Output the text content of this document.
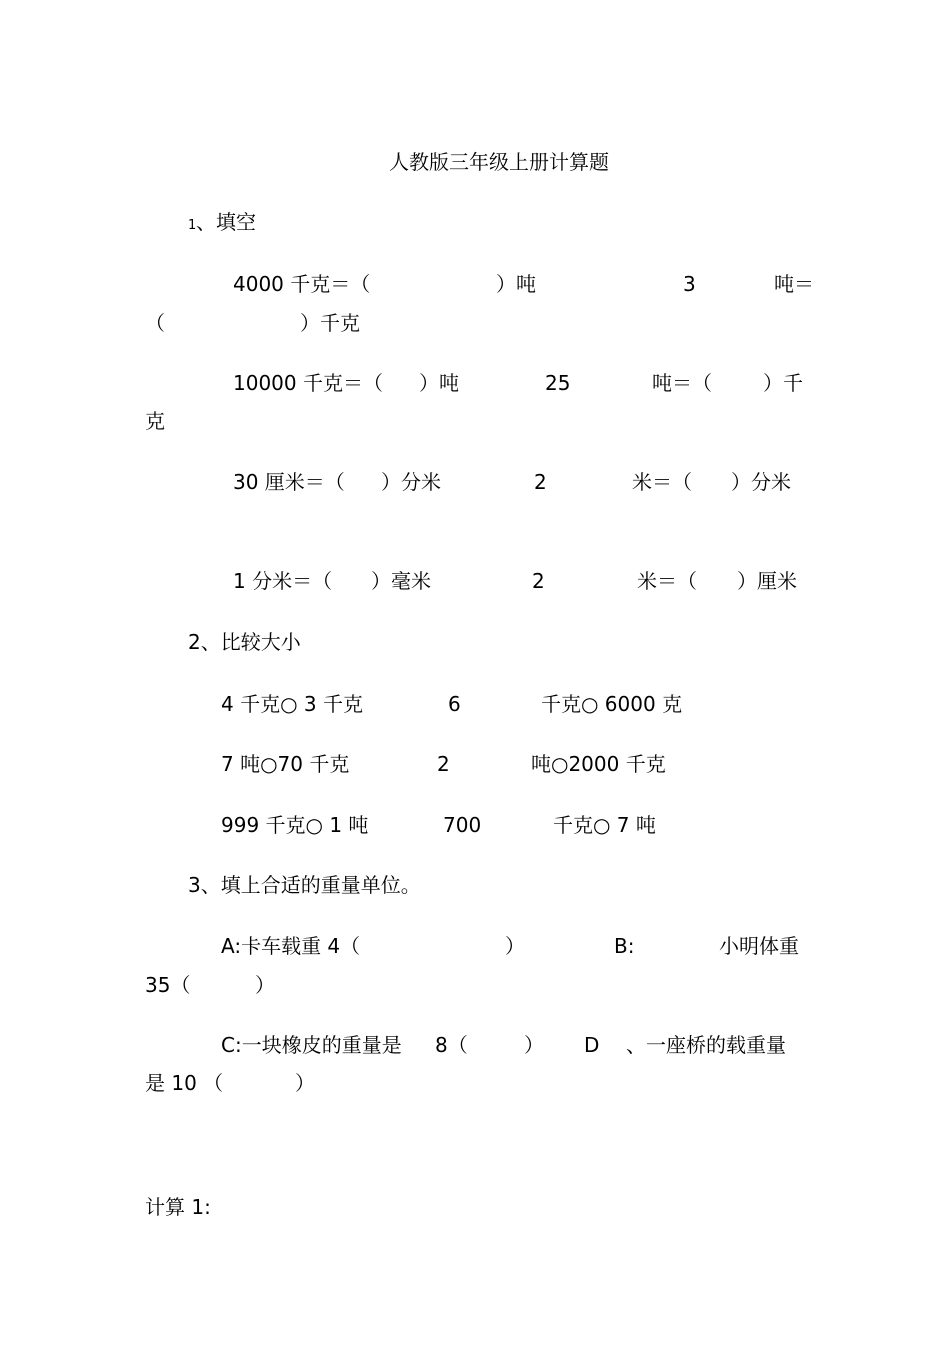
人教版三年级上册计算题
1 、填空
4000 千克＝（	）吨	3	吨＝
（	）千克
10000 千克＝（ ）吨	25	吨＝（	）千
克
30 厘米＝（ ）分米	2	米＝（ ）分米
1 分米＝（ ）毫米	2	米＝（ ）厘米
2、比较大小
4 千克○ 3 千克	6	千克○ 6000 克
7 吨○70 千克	2	吨○2000 千克
999 千克○ 1 吨	700	千克○ 7 吨
3、填上合适的重量单位。
A:卡车载重 4（	）	B:	小明体重
35（	）
C:一块橡皮的重量是 8（	） D 、一座桥的载重量
是 10 （	）
计算 1:
